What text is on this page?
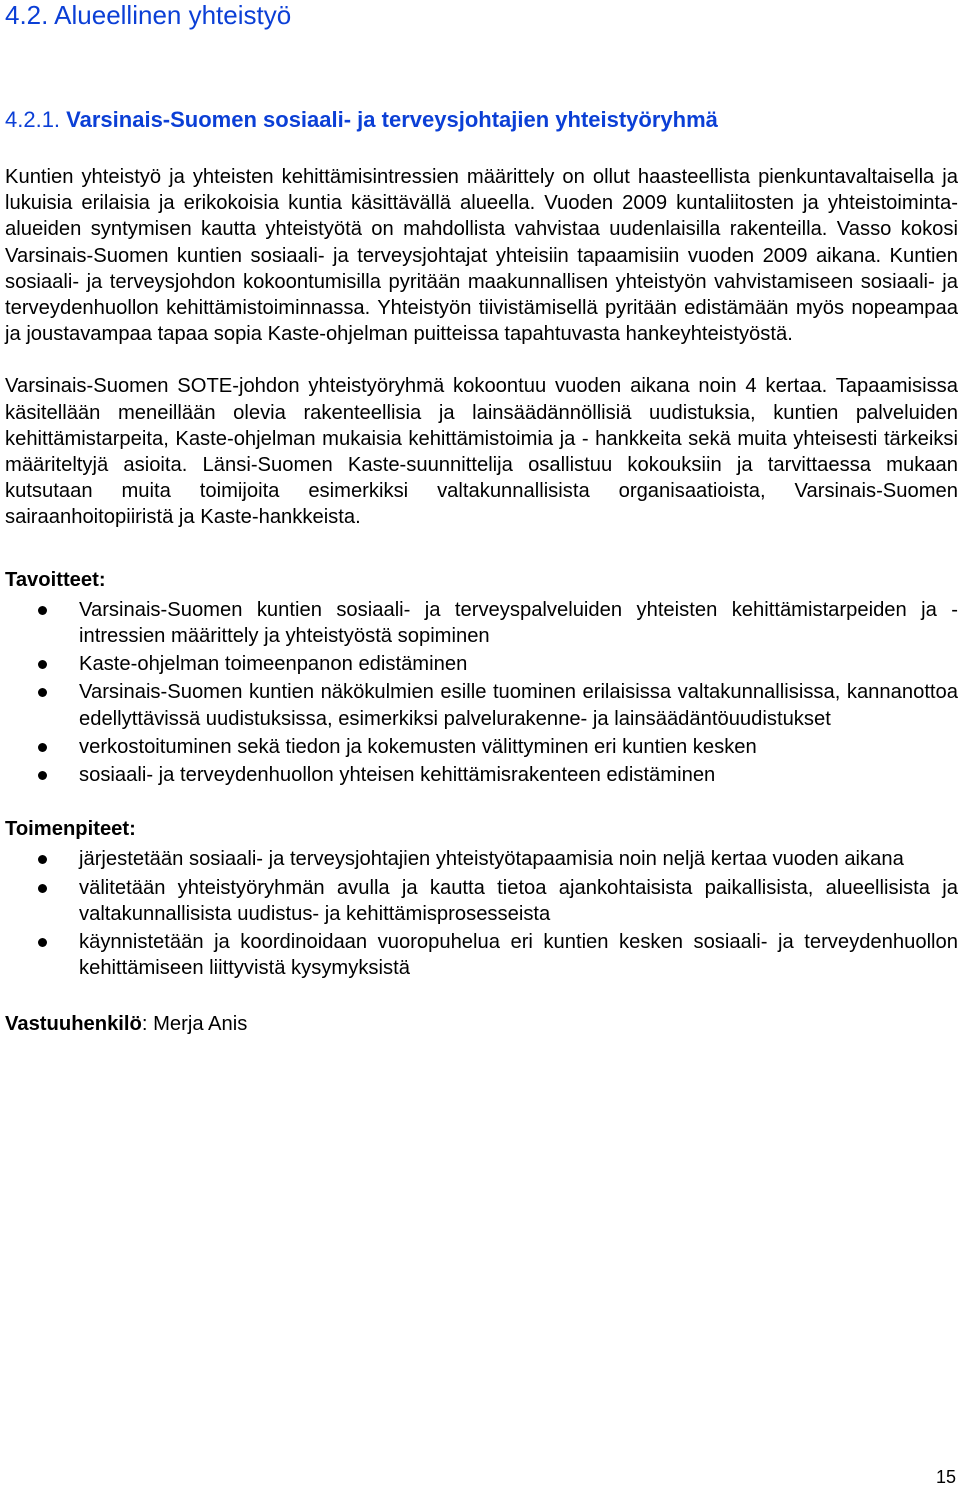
4.2. Alueellinen yhteistyö
4.2.1. Varsinais-Suomen sosiaali- ja terveysjohtajien yhteistyöryhmä

Kuntien yhteistyö ja yhteisten kehittämisintressien määrittely on ollut haasteellista pienkuntavaltaisella ja lukuisia erilaisia ja erikokoisia kuntia käsittävällä alueella. Vuoden 2009 kuntaliitosten ja yhteistoiminta-alueiden syntymisen kautta yhteistyötä on mahdollista vahvistaa uudenlaisilla rakenteilla. Vasso kokosi Varsinais-Suomen kuntien sosiaali- ja terveysjohtajat yhteisiin tapaamisiin vuoden 2009 aikana. Kuntien sosiaali- ja terveysjohdon kokoontumisilla pyritään maakunnallisen yhteistyön vahvistamiseen sosiaali- ja terveydenhuollon kehittämistoiminnassa. Yhteistyön tiivistämisellä pyritään edistämään myös nopeampaa ja joustavampaa tapaa sopia Kaste-ohjelman puitteissa tapahtuvasta hankeyhteistyöstä.

Varsinais-Suomen SOTE-johdon yhteistyöryhmä kokoontuu vuoden aikana noin 4 kertaa. Tapaamisissa käsitellään meneillään olevia rakenteellisia ja lainsäädännöllisiä uudistuksia, kuntien palveluiden kehittämistarpeita, Kaste-ohjelman mukaisia kehittämistoimia ja - hankkeita sekä muita yhteisesti tärkeiksi määriteltyjä asioita. Länsi-Suomen Kaste-suunnittelija osallistuu kokouksiin ja tarvittaessa mukaan kutsutaan muita toimijoita esimerkiksi valtakunnallisista organisaatioista, Varsinais-Suomen sairaanhoitopiiristä ja Kaste-hankkeista.

Tavoitteet:
Varsinais-Suomen kuntien sosiaali- ja terveyspalveluiden yhteisten kehittämistarpeiden ja -intressien määrittely ja yhteistyöstä sopiminen
Kaste-ohjelman toimeenpanon edistäminen
Varsinais-Suomen kuntien näkökulmien esille tuominen erilaisissa valtakunnallisissa, kannanottoa edellyttävissä uudistuksissa, esimerkiksi palvelurakenne- ja lainsäädäntöuudistukset
verkostoituminen sekä tiedon ja kokemusten välittyminen eri kuntien kesken
sosiaali- ja terveydenhuollon yhteisen kehittämisrakenteen edistäminen
Toimenpiteet:
järjestetään sosiaali- ja terveysjohtajien yhteistyötapaamisia noin neljä kertaa vuoden aikana
välitetään yhteistyöryhmän avulla ja kautta tietoa ajankohtaisista paikallisista, alueellisista ja valtakunnallisista uudistus- ja kehittämisprosesseista
käynnistetään ja koordinoidaan vuoropuhelua eri kuntien kesken sosiaali- ja terveydenhuollon kehittämiseen liittyvistä kysymyksistä
Vastuuhenkilö: Merja Anis
15
